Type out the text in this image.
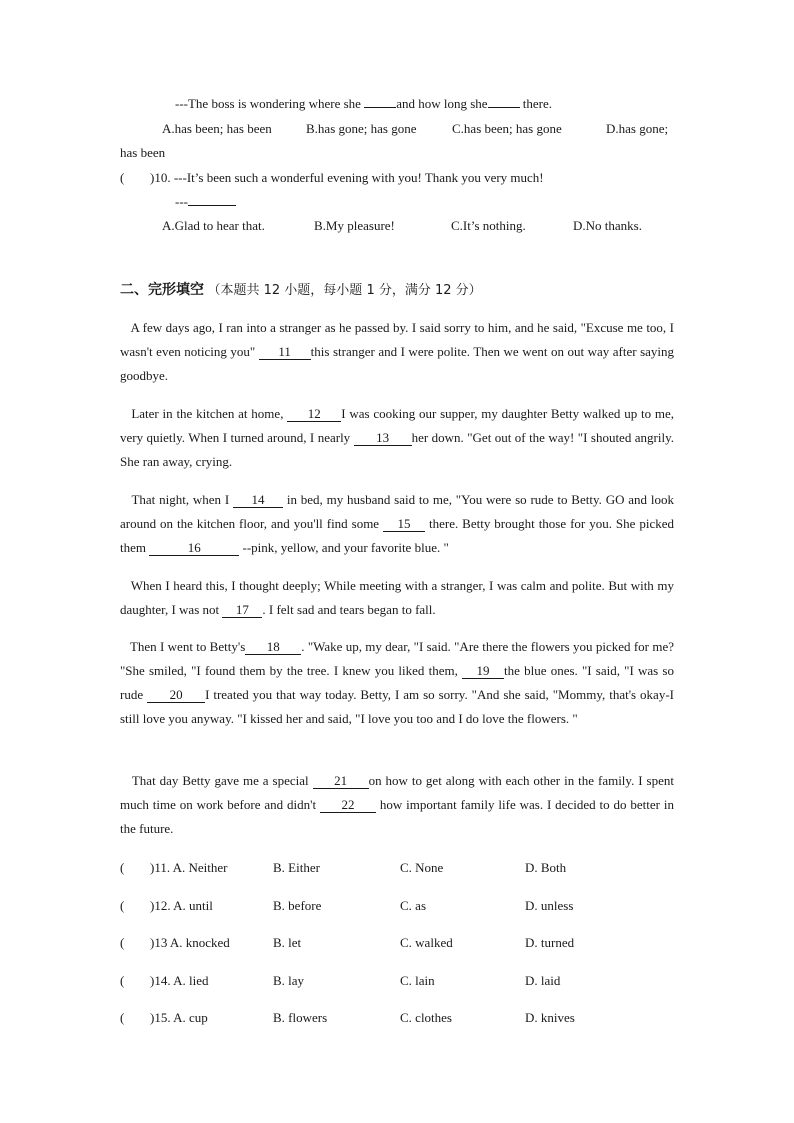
---The boss is wondering where she and how long she there.
A.has been; has been	B.has gone; has gone	C.has been; has gone	D.has gone;
has been
( )10. ---It’s been such a wonderful evening with you! Thank you very much!
---
A.Glad to hear that.	B.My pleasure!	C.It’s nothing.	D.No thanks.
二、完形填空 （本题共 12 小题，每小题 1 分，满分 12 分）
A few days ago, I ran into a stranger as he passed by. I said sorry to him, and he said, "Excuse me too, I wasn't even noticing you" 11 this stranger and I were polite. Then we went on out way after saying goodbye.
Later in the kitchen at home, 12 I was cooking our supper, my daughter Betty walked up to me, very quietly. When I turned around, I nearly 13 her down. "Get out of the way! "I shouted angrily. She ran away, crying.
That night, when I 14 in bed, my husband said to me, "You were so rude to Betty. GO and look around on the kitchen floor, and you'll find some 15 there. Betty brought those for you. She picked them	16	--pink, yellow, and your favorite blue. "
When I heard this, I thought deeply; While meeting with a stranger, I was calm and polite. But with my daughter, I was not 17 . I felt sad and tears began to fall.
Then I went to Betty's 18 . "Wake up, my dear, "I said. "Are there the flowers you picked for me? "She smiled, "I found them by the tree. I knew you liked them, 19 the blue ones. "I said, "I was so rude 20 I treated you that way today. Betty, I am so sorry. "And she said, "Mommy, that's okay-I still love you anyway. "I kissed her and said, "I love you too and I do love the flowers. "
That day Betty gave me a special 21 on how to get along with each other in the family. I spent much time on work before and didn't 22 how important family life was. I decided to do better in the future.
( )11. A. Neither	B. Either	C. None	D. Both
( )12. A. until	B. before	C. as	D. unless
( )13 A. knocked	B. let	C. walked	D. turned
( )14. A. lied	B. lay	C. lain	D. laid
( )15. A. cup	B. flowers	C. clothes	D. knives
